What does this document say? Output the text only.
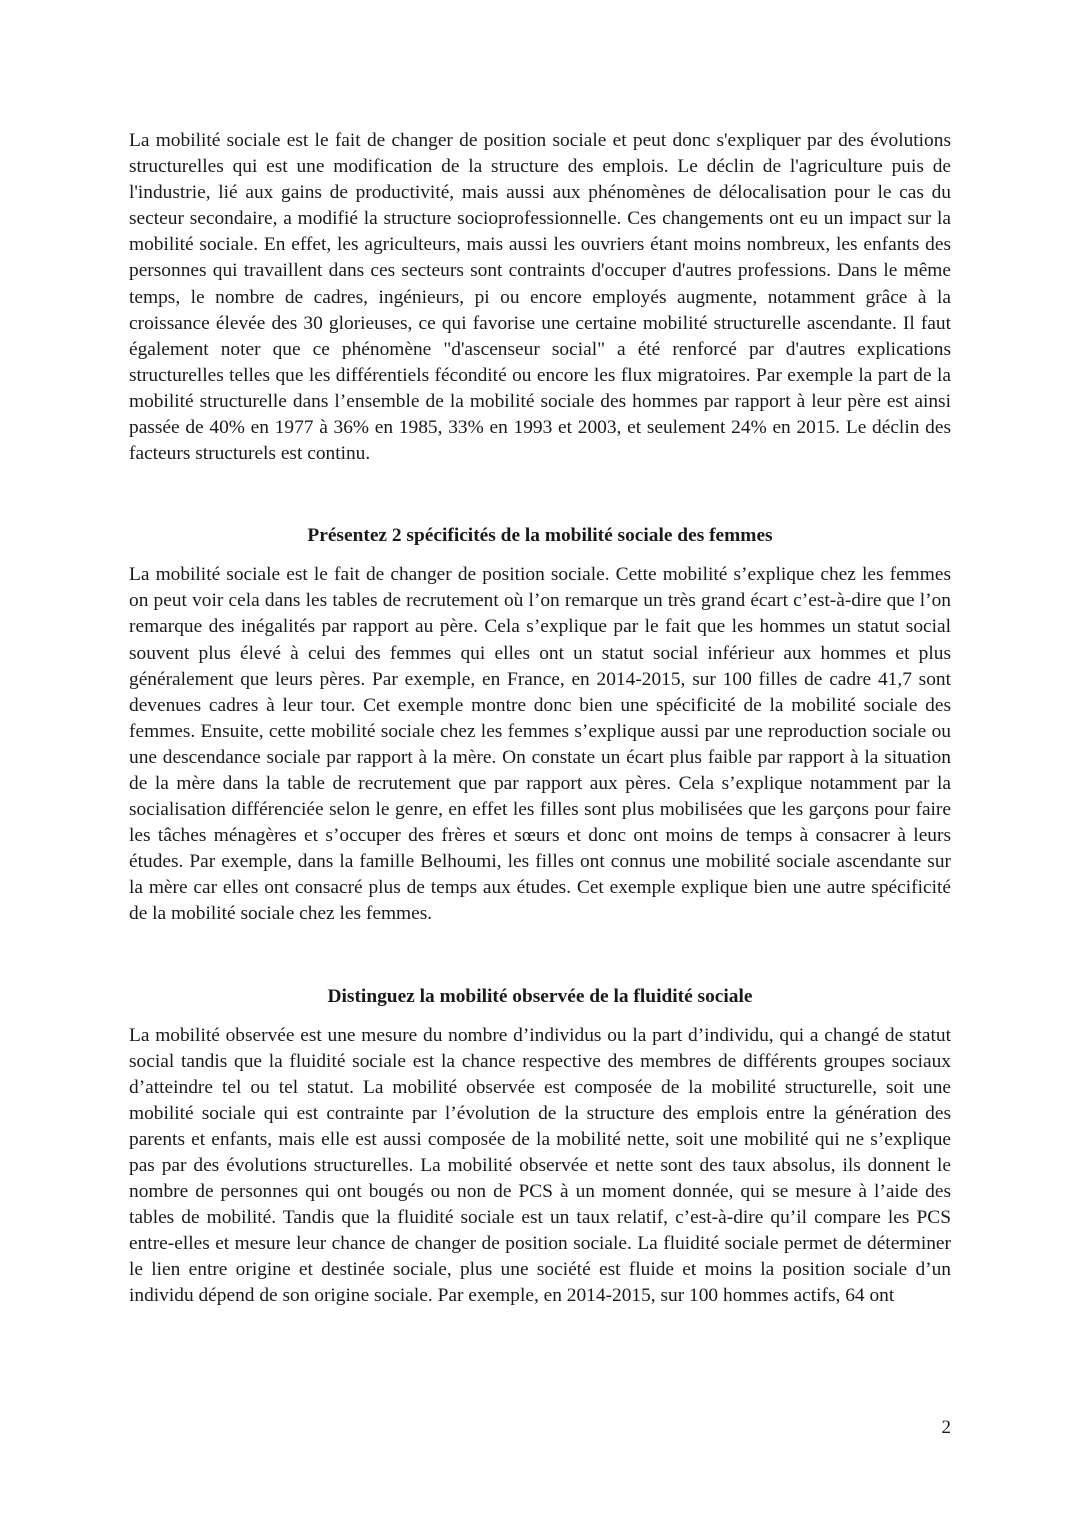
La mobilité sociale est le fait de changer de position sociale et peut donc s'expliquer par des évolutions structurelles qui est une modification de la structure des emplois. Le déclin de l'agriculture puis de l'industrie, lié aux gains de productivité, mais aussi aux phénomènes de délocalisation pour le cas du secteur secondaire, a modifié la structure socioprofessionnelle. Ces changements ont eu un impact sur la mobilité sociale. En effet, les agriculteurs, mais aussi les ouvriers étant moins nombreux, les enfants des personnes qui travaillent dans ces secteurs sont contraints d'occuper d'autres professions. Dans le même temps, le nombre de cadres, ingénieurs, pi ou encore employés augmente, notamment grâce à la croissance élevée des 30 glorieuses, ce qui favorise une certaine mobilité structurelle ascendante. Il faut également noter que ce phénomène "d'ascenseur social" a été renforcé par d'autres explications structurelles telles que les différentiels fécondité ou encore les flux migratoires. Par exemple la part de la mobilité structurelle dans l’ensemble de la mobilité sociale des hommes par rapport à leur père est ainsi passée de 40% en 1977 à 36% en 1985, 33% en 1993 et 2003, et seulement 24% en 2015. Le déclin des facteurs structurels est continu.

Présentez 2 spécificités de la mobilité sociale des femmes

La mobilité sociale est le fait de changer de position sociale. Cette mobilité s’explique chez les femmes on peut voir cela dans les tables de recrutement où l’on remarque un très grand écart c’est-à-dire que l’on remarque des inégalités par rapport au père. Cela s’explique par le fait que les hommes un statut social souvent plus élevé à celui des femmes qui elles ont un statut social inférieur aux hommes et plus généralement que leurs pères. Par exemple, en France, en 2014-2015, sur 100 filles de cadre 41,7 sont devenues cadres à leur tour. Cet exemple montre donc bien une spécificité de la mobilité sociale des femmes. Ensuite, cette mobilité sociale chez les femmes s’explique aussi par une reproduction sociale ou une descendance sociale par rapport à la mère. On constate un écart plus faible par rapport à la situation de la mère dans la table de recrutement que par rapport aux pères. Cela s’explique notamment par la socialisation différenciée selon le genre, en effet les filles sont plus mobilisées que les garçons pour faire les tâches ménagères et s’occuper des frères et sœurs et donc ont moins de temps à consacrer à leurs études. Par exemple, dans la famille Belhoumi, les filles ont connus une mobilité sociale ascendante sur la mère car elles ont consacré plus de temps aux études. Cet exemple explique bien une autre spécificité de la mobilité sociale chez les femmes.

Distinguez la mobilité observée de la fluidité sociale

La mobilité observée est une mesure du nombre d’individus ou la part d’individu, qui a changé de statut social tandis que la fluidité sociale est la chance respective des membres de différents groupes sociaux d’atteindre tel ou tel statut. La mobilité observée est composée de la mobilité structurelle, soit une mobilité sociale qui est contrainte par l’évolution de la structure des emplois entre la génération des parents et enfants, mais elle est aussi composée de la mobilité nette, soit une mobilité qui ne s’explique pas par des évolutions structurelles. La mobilité observée et nette sont des taux absolus, ils donnent le nombre de personnes qui ont bougés ou non de PCS à un moment donnée, qui se mesure à l’aide des tables de mobilité. Tandis que la fluidité sociale est un taux relatif, c’est-à-dire qu’il compare les PCS entre-elles et mesure leur chance de changer de position sociale. La fluidité sociale permet de déterminer le lien entre origine et destinée sociale, plus une société est fluide et moins la position sociale d’un individu dépend de son origine sociale. Par exemple, en 2014-2015, sur 100 hommes actifs, 64 ont

2
